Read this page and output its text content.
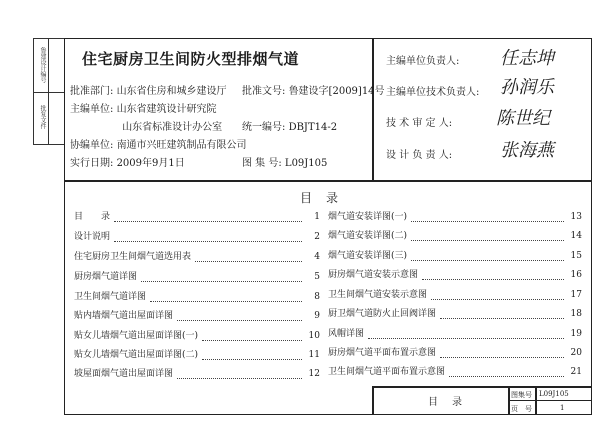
鲁建设计编号
批复文件
住宅厨房卫生间防火型排烟气道
批准部门: 山东省住房和城乡建设厅
主编单位: 山东省建筑设计研究院
山东省标准设计办公室
协编单位: 南通市兴旺建筑制品有限公司
实行日期: 2009年9月1日
批准文号: 鲁建设字[2009]14号
统一编号: DBJT14-2
图 集 号: L09J105
主编单位负责人: 任志坤
主编单位技术负责人: 孙润乐
技 术 审 定 人: 陈世纪
设 计 负 责 人:	张海燕
目录
目　　录	1
设计说明	2
住宅厨房卫生间烟气道选用表	4
厨房烟气道详图	5
卫生间烟气道详图	8
贴内墙烟气道出屋面详图	9
贴女儿墙烟气道出屋面详图(一)	10
贴女儿墙烟气道出屋面详图(二)	11
坡屋面烟气道出屋面详图	12
烟气道安装详图(一)	13
烟气道安装详图(二)	14
烟气道安装详图(三)	15
厨房烟气道安装示意图	16
卫生间烟气道安装示意图	17
厨卫烟气道防火止回阀详图	18
风帽详图	19
厨房烟气道平面布置示意图	20
卫生间烟气道平面布置示意图	21
目　录
图集号 L09J105
页　号	1
